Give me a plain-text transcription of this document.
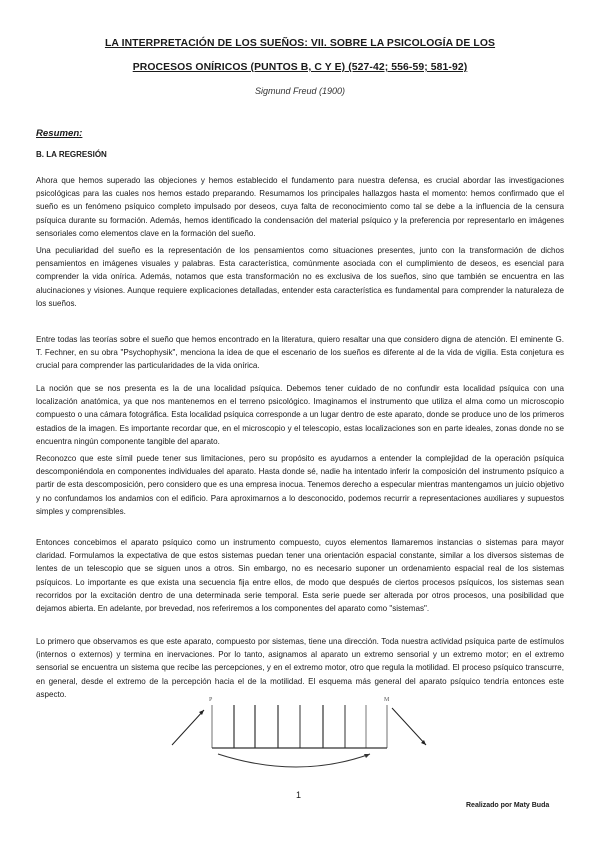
LA INTERPRETACIÓN DE LOS SUEÑOS: VII. SOBRE LA PSICOLOGÍA DE LOS
PROCESOS ONÍRICOS (PUNTOS B, C Y E) (527-42; 556-59; 581-92)
Sigmund Freud (1900)
Resumen:
B. LA REGRESIÓN

Ahora que hemos superado las objeciones y hemos establecido el fundamento para nuestra defensa, es crucial abordar las investigaciones psicológicas para las cuales nos hemos estado preparando. Resumamos los principales hallazgos hasta el momento: hemos confirmado que el sueño es un fenómeno psíquico completo impulsado por deseos, cuya falta de reconocimiento como tal se debe a la influencia de la censura psíquica durante su formación. Además, hemos identificado la condensación del material psíquico y la preferencia por representarlo en imágenes sensoriales como elementos clave en la formación del sueño.

Una peculiaridad del sueño es la representación de los pensamientos como situaciones presentes, junto con la transformación de dichos pensamientos en imágenes visuales y palabras. Esta característica, comúnmente asociada con el cumplimiento de deseos, es esencial para comprender la vida onírica. Además, notamos que esta transformación no es exclusiva de los sueños, sino que también se encuentra en las alucinaciones y visiones. Aunque requiere explicaciones detalladas, entender esta característica es fundamental para comprender la naturaleza de los sueños.

Entre todas las teorías sobre el sueño que hemos encontrado en la literatura, quiero resaltar una que considero digna de atención. El eminente G. T. Fechner, en su obra "Psychophysik", menciona la idea de que el escenario de los sueños es diferente al de la vida de vigilia. Esta conjetura es crucial para comprender las particularidades de la vida onírica.

La noción que se nos presenta es la de una localidad psíquica. Debemos tener cuidado de no confundir esta localidad psíquica con una localización anatómica, ya que nos mantenemos en el terreno psicológico. Imaginamos el instrumento que utiliza el alma como un microscopio compuesto o una cámara fotográfica. Esta localidad psíquica corresponde a un lugar dentro de este aparato, donde se produce uno de los primeros estadios de la imagen. Es importante recordar que, en el microscopio y el telescopio, estas localizaciones son en parte ideales, zonas donde no se encuentra ningún componente tangible del aparato.

Reconozco que este símil puede tener sus limitaciones, pero su propósito es ayudarnos a entender la complejidad de la operación psíquica descomponiéndola en componentes individuales del aparato. Hasta donde sé, nadie ha intentado inferir la composición del instrumento psíquico a partir de esta descomposición, pero considero que es una empresa inocua. Tenemos derecho a especular mientras mantengamos un juicio objetivo y no confundamos los andamios con el edificio. Para aproximarnos a lo desconocido, podemos recurrir a representaciones auxiliares y supuestos simples y comprensibles.

Entonces concebimos el aparato psíquico como un instrumento compuesto, cuyos elementos llamaremos instancias o sistemas para mayor claridad. Formulamos la expectativa de que estos sistemas puedan tener una orientación espacial constante, similar a los diversos sistemas de lentes de un telescopio que se siguen unos a otros. Sin embargo, no es necesario suponer un ordenamiento espacial real de los sistemas psíquicos. Lo importante es que exista una secuencia fija entre ellos, de modo que después de ciertos procesos psíquicos, los sistemas sean recorridos por la excitación dentro de una determinada serie temporal. Esta serie puede ser alterada por otros procesos, una posibilidad que dejamos abierta. En adelante, por brevedad, nos referiremos a los componentes del aparato como "sistemas".

Lo primero que observamos es que este aparato, compuesto por sistemas, tiene una dirección. Toda nuestra actividad psíquica parte de estímulos (internos o externos) y termina en inervaciones. Por lo tanto, asignamos al aparato un extremo sensorial y un extremo motor; en el extremo sensorial se encuentra un sistema que recibe las percepciones, y en el extremo motor, otro que regula la motilidad. El proceso psíquico transcurre, en general, desde el extremo de la percepción hacia el de la motilidad. El esquema más general del aparato psíquico tendría entonces este aspecto.

P	M
1
Realizado por Maty Buda
